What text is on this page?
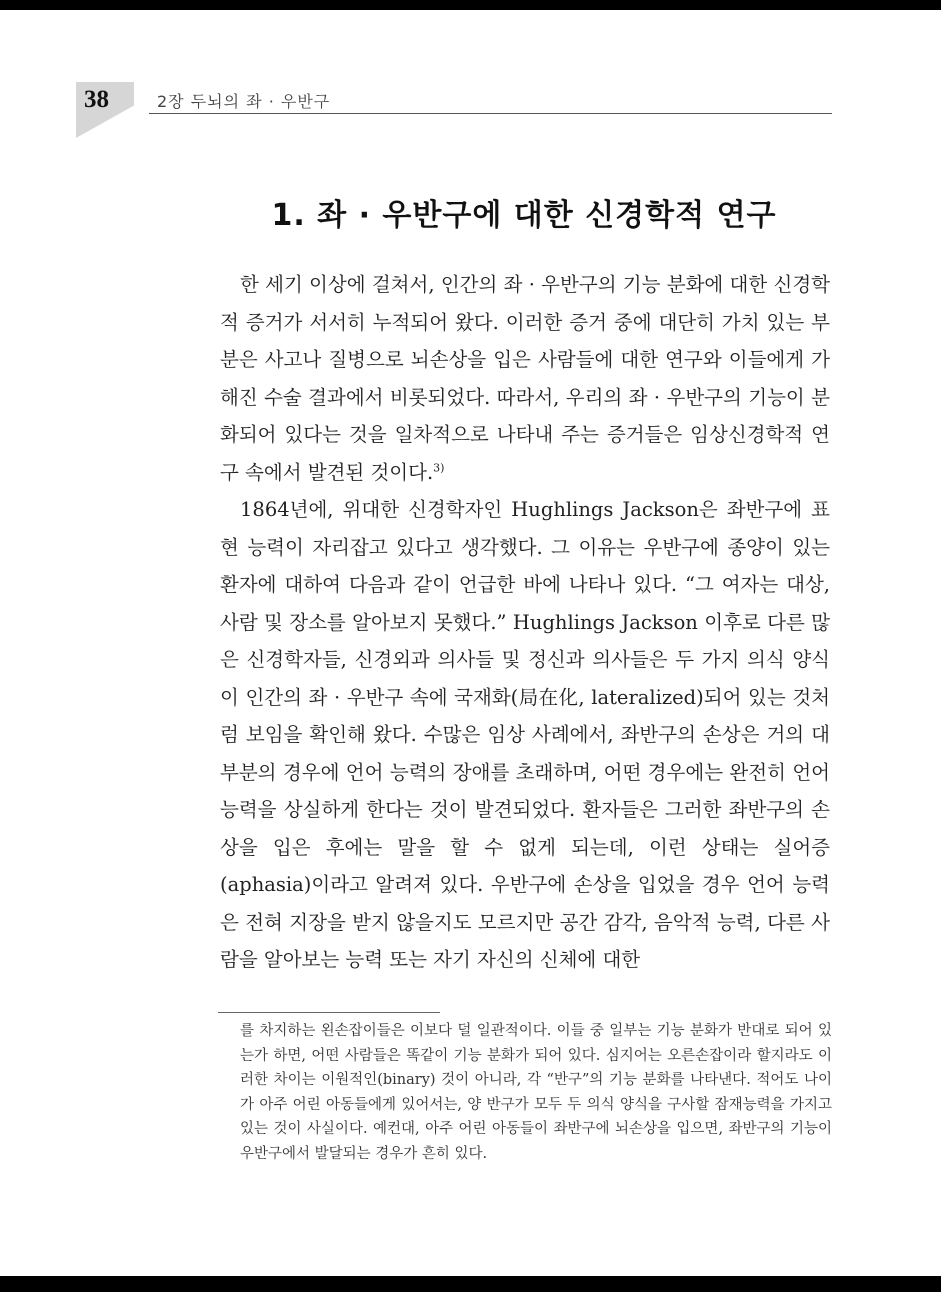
38	2장 두뇌의 좌 · 우반구
1. 좌 · 우반구에 대한 신경학적 연구

한 세기 이상에 걸쳐서, 인간의 좌 · 우반구의 기능 분화에 대한 신경학적 증거가 서서히 누적되어 왔다. 이러한 증거 중에 대단히 가치 있는 부분은 사고나 질병으로 뇌손상을 입은 사람들에 대한 연구와 이들에게 가해진 수술 결과에서 비롯되었다. 따라서, 우리의 좌 · 우반구의 기능이 분화되어 있다는 것을 일차적으로 나타내 주는 증거들은 임상신경학적 연구 속에서 발견된 것이다.$^{3)}$

1864년에, 위대한 신경학자인 Hughlings Jackson은 좌반구에 표현 능력이 자리잡고 있다고 생각했다. 그 이유는 우반구에 종양이 있는 환자에 대하여 다음과 같이 언급한 바에 나타나 있다. “그 여자는 대상, 사람 및 장소를 알아보지 못했다.” Hughlings Jackson 이후로 다른 많은 신경학자들, 신경외과 의사들 및 정신과 의사들은 두 가지 의식 양식이 인간의 좌 · 우반구 속에 국재화(局在化, lateralized)되어 있는 것처럼 보임을 확인해 왔다. 수많은 임상 사례에서, 좌반구의 손상은 거의 대부분의 경우에 언어 능력의 장애를 초래하며, 어떤 경우에는 완전히 언어 능력을 상실하게 한다는 것이 발견되었다. 환자들은 그러한 좌반구의 손상을 입은 후에는 말을 할 수 없게 되는데, 이런 상태는 실어증(aphasia)이라고 알려져 있다. 우반구에 손상을 입었을 경우 언어 능력은 전혀 지장을 받지 않을지도 모르지만 공간 감각, 음악적 능력, 다른 사람을 알아보는 능력 또는 자기 자신의 신체에 대한

를 차지하는 왼손잡이들은 이보다 덜 일관적이다. 이들 중 일부는 기능 분화가 반대로 되어 있는가 하면, 어떤 사람들은 똑같이 기능 분화가 되어 있다. 심지어는 오른손잡이라 할지라도 이러한 차이는 이원적인(binary) 것이 아니라, 각 “반구”의 기능 분화를 나타낸다. 적어도 나이가 아주 어린 아동들에게 있어서는, 양 반구가 모두 두 의식 양식을 구사할 잠재능력을 가지고 있는 것이 사실이다. 예컨대, 아주 어린 아동들이 좌반구에 뇌손상을 입으면, 좌반구의 기능이 우반구에서 발달되는 경우가 흔히 있다.
